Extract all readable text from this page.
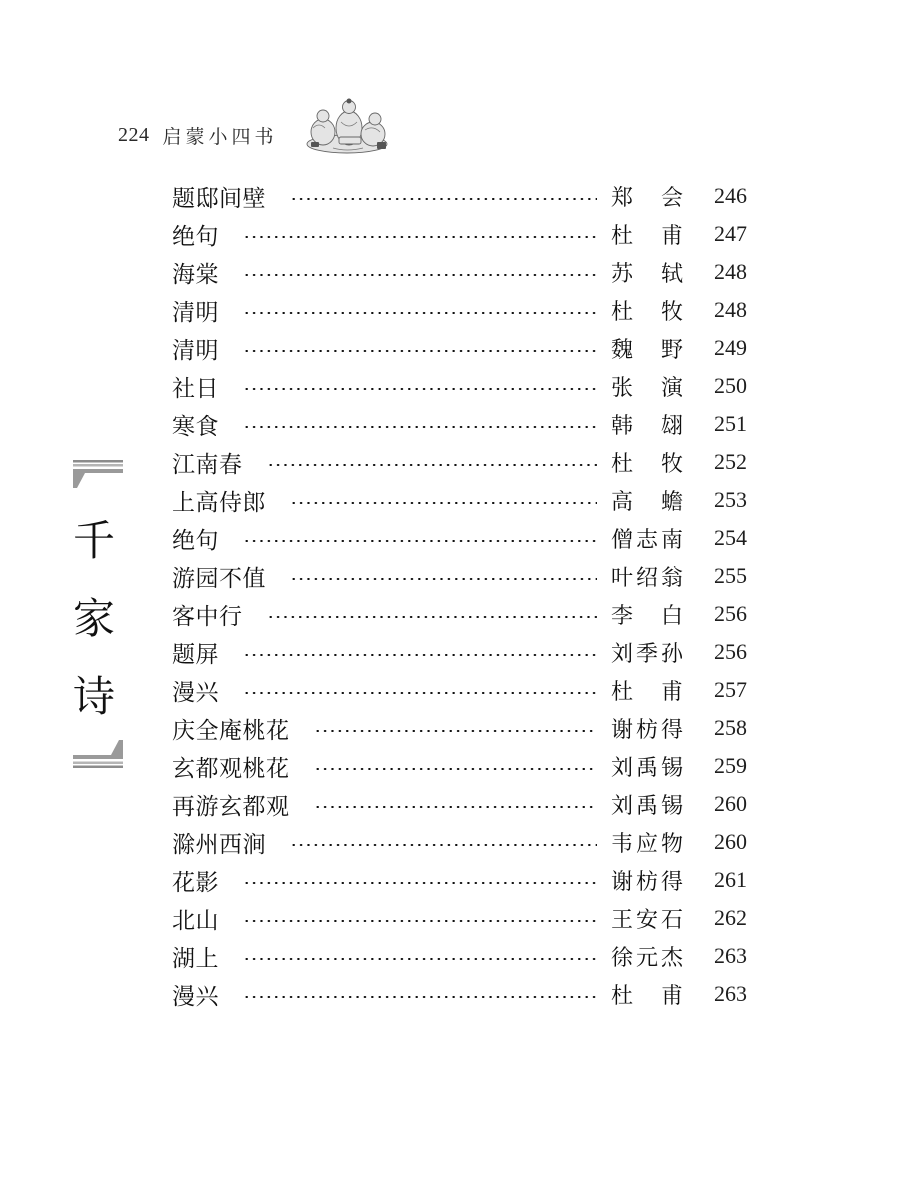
224 启蒙小四书
千
家
诗
题邸间壁	郑 会	246
绝句	杜 甫	247
海棠	苏 轼	248
清明	杜 牧	248
清明	魏 野	249
社日	张 演	250
寒食	韩 翃	251
江南春	杜 牧	252
上高侍郎	高 蟾	253
绝句	僧 志 南	254
游园不值	叶 绍 翁	255
客中行	李 白	256
题屏	刘 季 孙	256
漫兴	杜 甫	257
庆全庵桃花	谢 枋 得	258
玄都观桃花	刘 禹 锡	259
再游玄都观	刘 禹 锡	260
滁州西涧	韦 应 物	260
花影	谢 枋 得	261
北山	王 安 石	262
湖上	徐 元 杰	263
漫兴	杜 甫	263
